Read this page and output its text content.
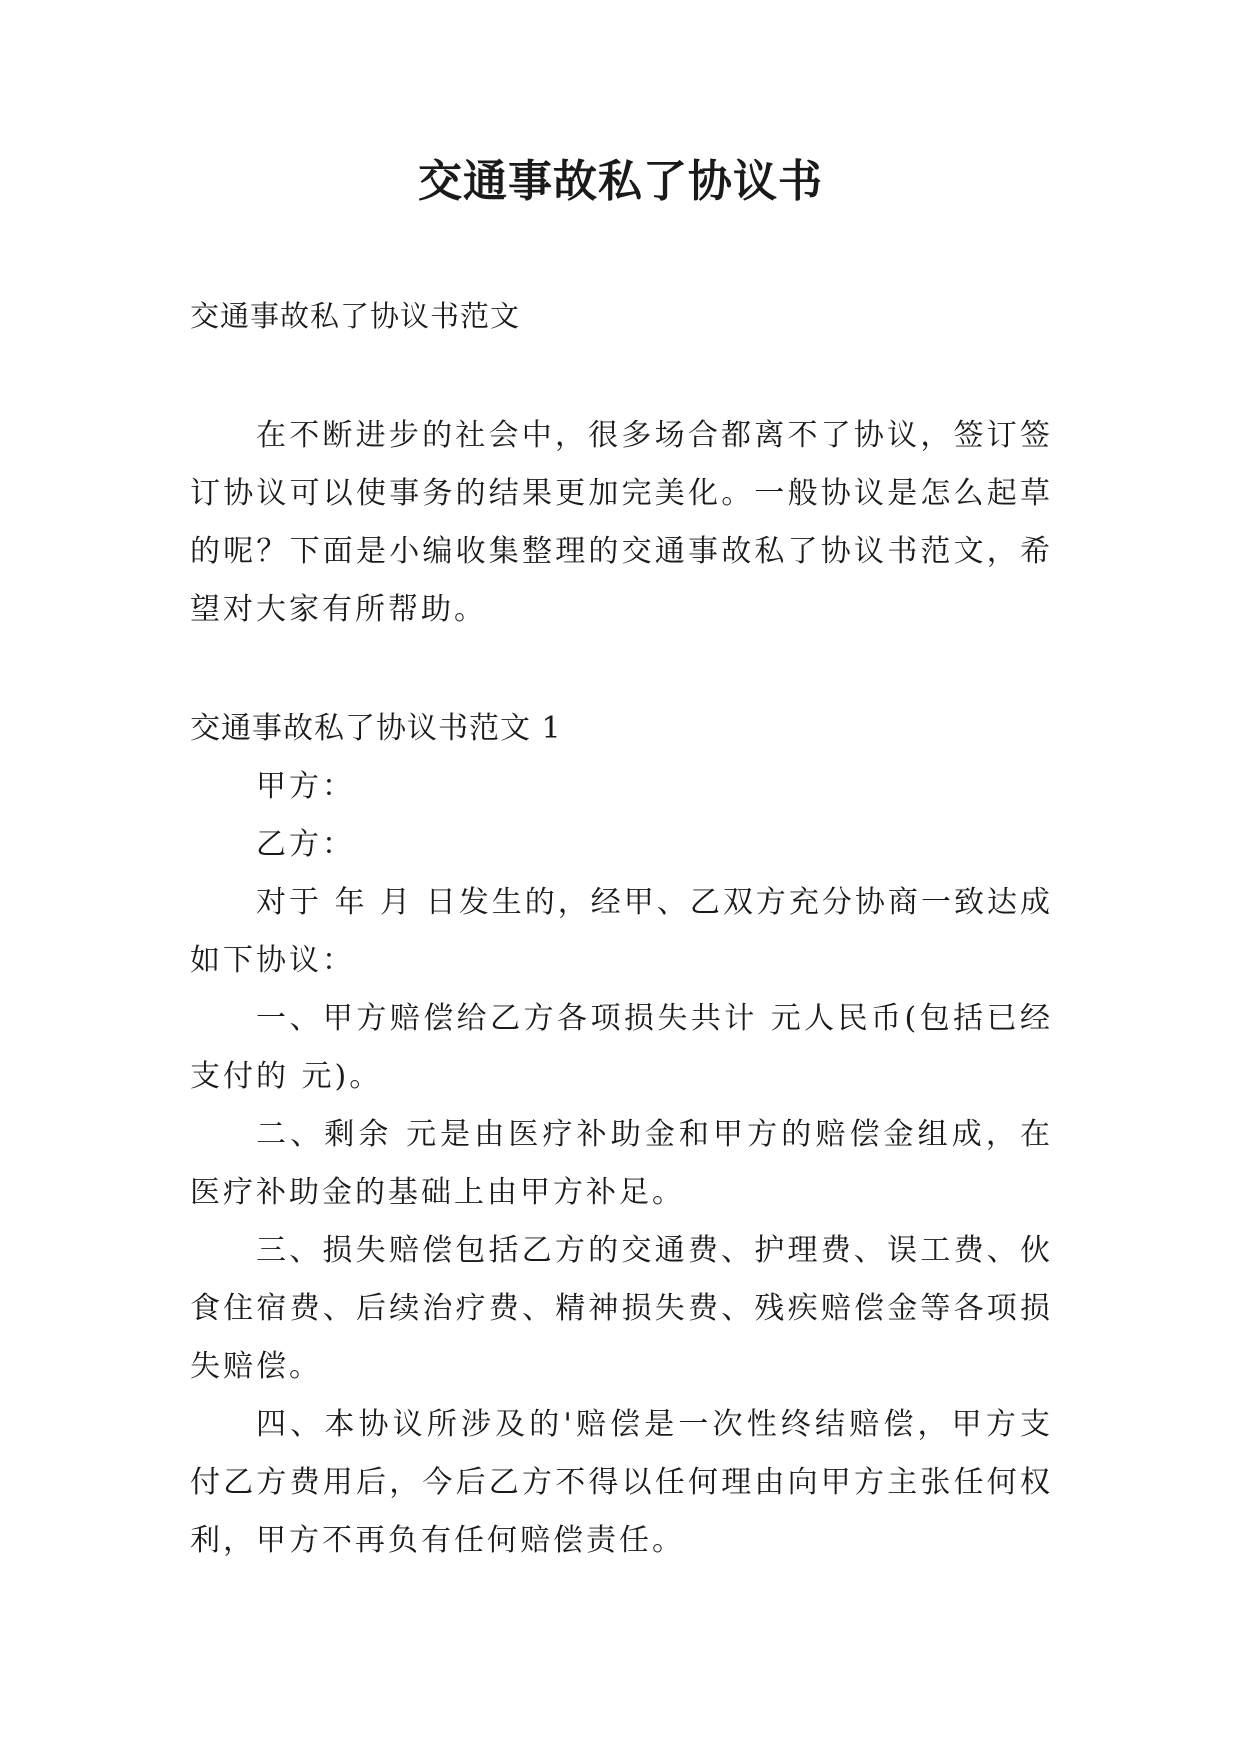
交通事故私了协议书

交通事故私了协议书范文

在不断进步的社会中，很多场合都离不了协议，签订签订协议可以使事务的结果更加完美化。一般协议是怎么起草的呢？下面是小编收集整理的交通事故私了协议书范文，希望对大家有所帮助。

交通事故私了协议书范文 1

甲方：

乙方：

对于 年 月 日发生的，经甲、乙双方充分协商一致达成如下协议：

一、甲方赔偿给乙方各项损失共计 元人民币(包括已经支付的 元)。

二、剩余 元是由医疗补助金和甲方的赔偿金组成，在医疗补助金的基础上由甲方补足。

三、损失赔偿包括乙方的交通费、护理费、误工费、伙食住宿费、后续治疗费、精神损失费、残疾赔偿金等各项损失赔偿。

四、本协议所涉及的'赔偿是一次性终结赔偿，甲方支付乙方费用后，今后乙方不得以任何理由向甲方主张任何权利，甲方不再负有任何赔偿责任。
